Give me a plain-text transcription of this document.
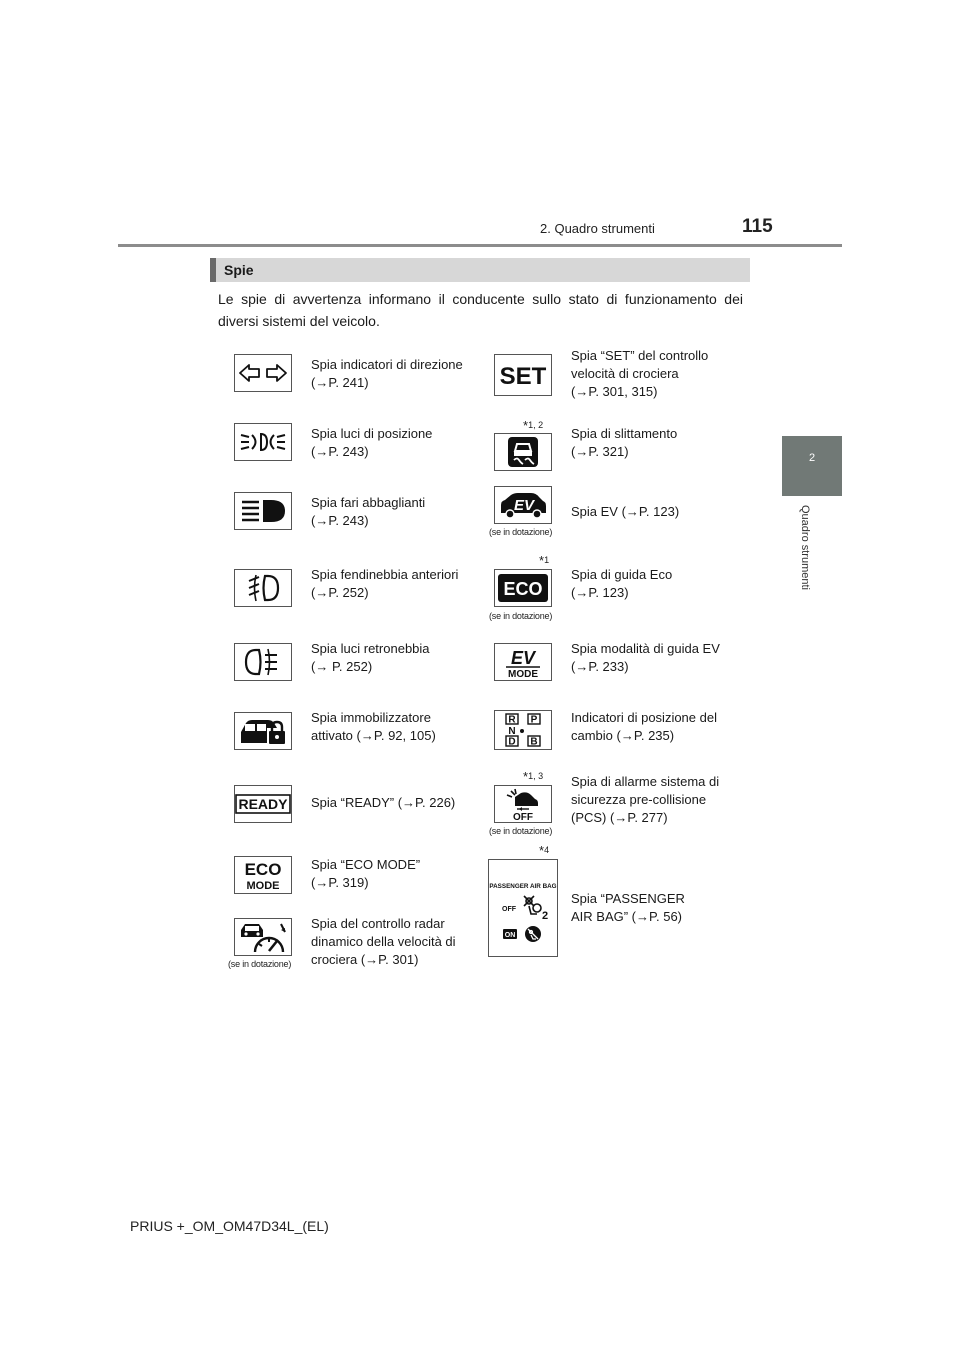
2. Quadro strumenti	115
2
Quadro strumenti
Spie
Le spie di avvertenza informano il conducente sullo stato di funzionamento dei diversi sistemi del veicolo.
Spia indicatori di direzione
(→P. 241)
Spia luci di posizione
(→P. 243)
Spia fari abbaglianti
(→P. 243)
Spia fendinebbia anteriori
(→P. 252)
Spia luci retronebbia
(→ P. 252)
Spia immobilizzatore
attivato (→P. 92, 105)
READY Spia “READY” (→P. 226)
ECO
MODE
Spia “ECO MODE”
(→P. 319)
(se in dotazione)
Spia del controllo radar
dinamico della velocità di
crociera (→P. 301)
SET
Spia “SET” del controllo
velocità di crociera
(→P. 301, 315)
$*_{1, 2}$
Spia di slittamento
(→P. 321)
EV
(se in dotazione)
Spia EV (→P. 123)
$*_1$
ECO
(se in dotazione)
Spia di guida Eco
(→P. 123)
EV
MODE
Spia modalità di guida EV
(→P. 233)
R P
N
D B
Indicatori di posizione del
cambio (→P. 235)
$*_{1, 3}$
OFF
(se in dotazione)
Spia di allarme sistema di
sicurezza pre-collisione
(PCS) (→P. 277)
$*_4$
PASSENGER AIR BAG
OFF
2
ON
Spia “PASSENGER
AIR BAG” (→P. 56)
PRIUS +_OM_OM47D34L_(EL)
